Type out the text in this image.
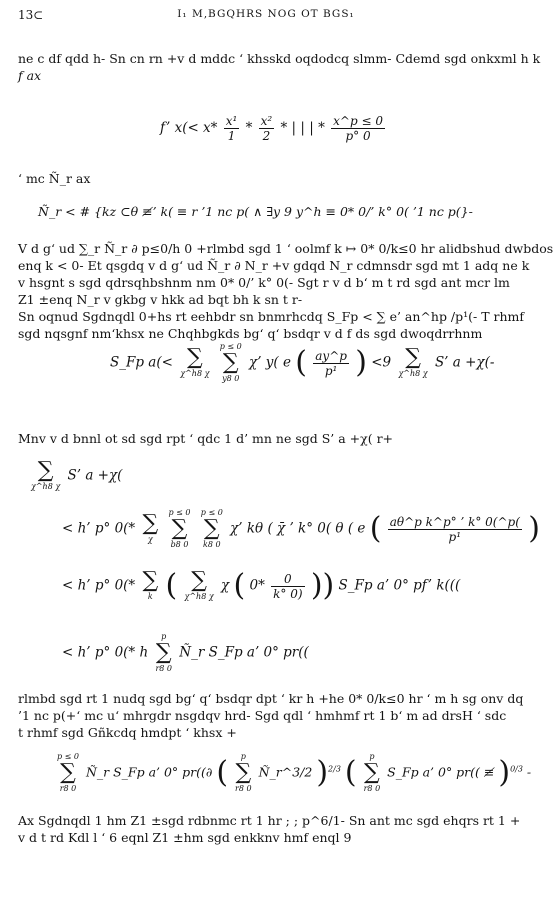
13⊂	I₁ M‚BGQHRS NOG OT BGS₁
ne c df qdd h- Sn cn rn +v d mddc ‘ khsskd oqdodcq slmm- Cdemd sgd onkxml h k
f ax
f’ $x(< x* \frac{\text{x¹}}{1} * \frac{\text{x²}}{2}$ * | | | * $\frac{x\^{}p \le 0}{p^\circ 0}$
‘ mc Ñ_r ax
Ñ_r < # {kz ⊂θ ≢’ k( ≡ r ’1 nc p( ∧ ∃y 9 y^h ≡ 0* 0/’ k° 0( ’1 nc p(}-
V d g‘ ud ∑_r Ñ_r ∂ p≤0/h 0 +rlmbd sgd 1 ‘ oolmf k ↦ 0* 0/k≤0 hr alidbshud dwbdos
enq k < 0- Et qsgdq v d g‘ ud Ñ_r ∂ N_r +v gdqd N_r cdmnsdr sgd mt 1 adq ne k
v hsgnt s sgd qdrsqhbshnm nm 0* 0/’ k° 0(- Sgt r v d b‘ m t rd sgd ant mcr lm
Z1 ±enq N_r v gkbg v hkk ad bqt bh k sn t r-
Sn oqnud Sgdnqdl 0+hs rt eehbdr sn bnmrhcdq S_Fp < ∑ e’ an^hp /p¹(- T rhmf
sgd nqsgnf nm‘khsx ne Chqhbgkds bg‘ q‘ bsdqr v d f ds sgd dwoqdrrhnm
S_Fp a(< ∑
χ^h8 χ

p ≤ 0
∑
y8 0
χ’ y( e ( $\frac{ay\^{}p}{\text{p¹}}$ ) <9 ∑
χ^h8 χ
S’ a +χ(-
Mnv v d bnnl ot sd sgd rpt ‘ qdc 1 d’ mn ne sgd S’ a +χ( r+
∑
χ^h8 χ
S’ a +χ(
< h’ p° 0(* ∑
χ

p ≤ 0
∑
b8 0

p ≤ 0
∑
k8 0
χ’ kθ ( χ̄ ’ k° 0( θ ( e ( $\frac{\text{aθ\textasciicircum{}p k\textasciicircum{}p° ’ k° 0(\textasciicircum{}p(}}{\text{p¹}}$ )
< h’ p° 0(* ∑
k ( ∑
χ^h8 χ
χ ( $0* \frac{0}{k^\circ 0)}$ )) S_Fp a’ 0° pf’ k(((
< h’ p° 0(* h
p
∑
r8 0
Ñ_r S_Fp a’ 0° pr((
rlmbd sgd rt 1 nudq sgd bg‘ q‘ bsdqr dpt ‘ kr h +he 0* 0/k≤0 hr ‘ m h sg onv dq
’1 nc p(+‘ mc u‘ mhrgdr nsgdqv hrd- Sgd qdl ‘ hmhmf rt 1 b‘ m ad drsH ‘ sdc
t rhmf sgd Gñkcdq hmdpt ‘ khsx +
p ≤ 0
∑
r8 0
Ñ_r S_Fp a’ 0° pr((∂ (	p
∑
r8 0
Ñ_r^3/2 )$^{2/3}$ (	p
∑
r8 0
S_Fp a’ 0° pr(( ≢ )$^{0/3}$ -
Ax Sgdnqdl 1 hm Z1 ±sgd rdbnmc rt 1 hr ; ; p^6/1- Sn ant mc sgd ehqrs rt 1 +
v d t rd Kdl l ‘ 6 eqnl Z1 ±hm sgd enkknv hmf enql 9
